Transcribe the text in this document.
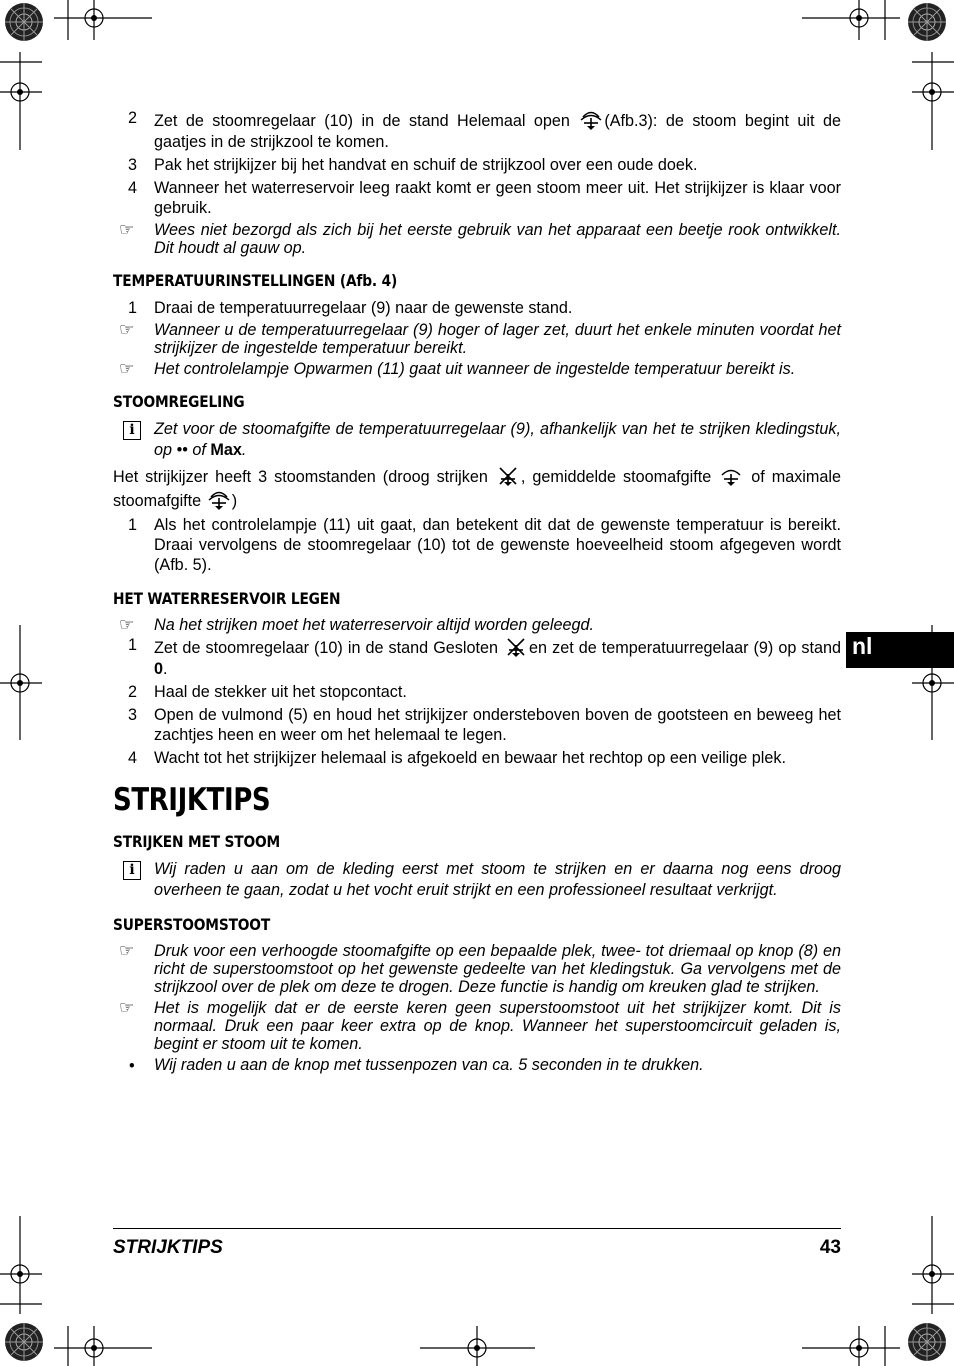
2	Zet de stoomregelaar (10) in de stand Helemaal open (Afb.3): de stoom begint uit de gaatjes in de strijkzool te komen.
3	Pak het strijkijzer bij het handvat en schuif de strijkzool over een oude doek.
4	Wanneer het waterreservoir leeg raakt komt er geen stoom meer uit. Het strijkijzer is klaar voor gebruik.
☞	Wees niet bezorgd als zich bij het eerste gebruik van het apparaat een beetje rook ontwikkelt. Dit houdt al gauw op.
TEMPERATUURINSTELLINGEN (Afb. 4)
1	Draai de temperatuurregelaar (9) naar de gewenste stand.
☞	Wanneer u de temperatuurregelaar (9) hoger of lager zet, duurt het enkele minuten voordat het strijkijzer de ingestelde temperatuur bereikt.
☞	Het controlelampje Opwarmen (11) gaat uit wanneer de ingestelde temperatuur bereikt is.
STOOMREGELING
i	Zet voor de stoomafgifte de temperatuurregelaar (9), afhankelijk van het te strijken kledingstuk, op •• of Max.
Het strijkijzer heeft 3 stoomstanden (droog strijken , gemiddelde stoomafgifte  of maximale stoomafgifte )
1	Als het controlelampje (11) uit gaat, dan betekent dit dat de gewenste temperatuur is bereikt. Draai vervolgens de stoomregelaar (10) tot de gewenste hoeveelheid stoom afgegeven wordt (Afb. 5).
HET WATERRESERVOIR LEGEN
☞	Na het strijken moet het waterreservoir altijd worden geleegd.
1	Zet de stoomregelaar (10) in de stand Gesloten en zet de temperatuurregelaar (9) op stand 0.
2	Haal de stekker uit het stopcontact.
3	Open de vulmond (5) en houd het strijkijzer ondersteboven boven de gootsteen en beweeg het zachtjes heen en weer om het helemaal te legen.
4	Wacht tot het strijkijzer helemaal is afgekoeld en bewaar het rechtop op een veilige plek.
STRIJKTIPS
STRIJKEN MET STOOM
i	Wij raden u aan om de kleding eerst met stoom te strijken en er daarna nog eens droog overheen te gaan, zodat u het vocht eruit strijkt en een professioneel resultaat verkrijgt.
SUPERSTOOMSTOOT
☞	Druk voor een verhoogde stoomafgifte op een bepaalde plek, twee- tot driemaal op knop (8) en richt de superstoomstoot op het gewenste gedeelte van het kledingstuk. Ga vervolgens met de strijkzool over de plek om deze te drogen. Deze functie is handig om kreuken glad te strijken.
☞	Het is mogelijk dat er de eerste keren geen superstoomstoot uit het strijkijzer komt. Dit is normaal. Druk een paar keer extra op de knop. Wanneer het superstoomcircuit geladen is, begint er stoom uit te komen.
•	Wij raden u aan de knop met tussenpozen van ca. 5 seconden in te drukken.
nl
STRIJKTIPS	43
